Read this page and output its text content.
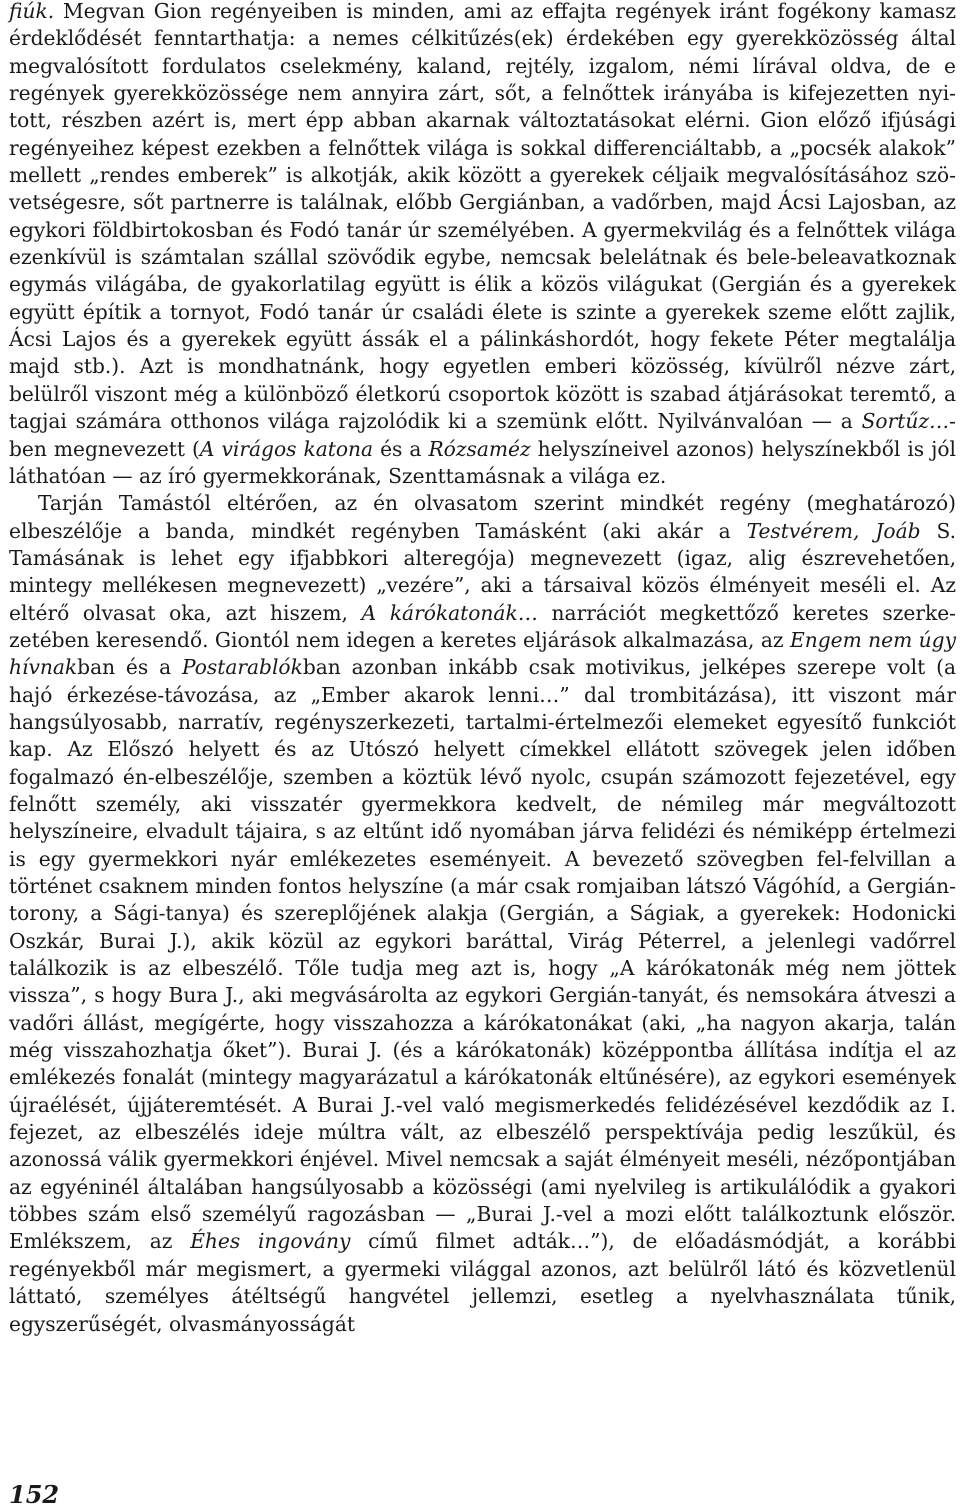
fiúk. Megvan Gion regényeiben is minden, ami az effajta regények iránt fogékony kamasz érdeklődését fenntarthatja: a nemes célkitűzés(ek) érdekében egy gyerekközösség által megvalósított fordulatos cselekmény, kaland, rejtély, izgalom, némi lírával oldva, de e regények gyerekközössége nem annyira zárt, sőt, a felnőttek irányába is kifejezetten nyitott, részben azért is, mert épp abban akarnak változtatásokat elérni. Gion előző ifjúsági regényeihez képest ezekben a felnőttek világa is sokkal differenciáltabb, a „pocsék alakok” mellett „rendes emberek” is alkotják, akik között a gyerekek céljaik megvalósításához szövetségesre, sőt partnerre is találnak, előbb Gergiánban, a vadőrben, majd Ácsi Lajosban, az egykori földbirtokosban és Fodó tanár úr személyében. A gyermekvilág és a felnőttek világa ezenkívül is számtalan szállal szövődik egybe, nemcsak belelátnak és bele-beleavatkoznak egymás világába, de gyakorlatilag együtt is élik a közös világukat (Gergián és a gyerekek együtt építik a tornyot, Fodó tanár úr családi élete is szinte a gyerekek szeme előtt zajlik, Ácsi Lajos és a gyerekek együtt ássák el a pálinkáshordót, hogy fekete Péter megtalálja majd stb.). Azt is mondhatnánk, hogy egyetlen emberi közösség, kívülről nézve zárt, belülről viszont még a különböző életkorú csoportok között is szabad átjárásokat teremtő, a tagjai számára otthonos világa rajzolódik ki a szemünk előtt. Nyilvánvalóan — a Sortűz…-ben megnevezett (A virágos katona és a Rózsaméz helyszíneivel azonos) helyszínekből is jól láthatóan — az író gyermekkorának, Szenttamásnak a világa ez.

Tarján Tamástól eltérően, az én olvasatom szerint mindkét regény (meghatározó) elbeszélője a banda, mindkét regényben Tamásként (aki akár a Testvérem, Joáb S. Tamásának is lehet egy ifjabbkori alteregója) megnevezett (igaz, alig észrevehetően, mintegy mellékesen megnevezett) „vezére”, aki a társaival közös élményeit meséli el. Az eltérő olvasat oka, azt hiszem, A kárókatonák… narrációt megkettőző keretes szerkezetében keresendő. Giontól nem idegen a keretes eljárások alkalmazása, az Engem nem úgy hívnakban és a Postarablókban azonban inkább csak motivikus, jelképes szerepe volt (a hajó érkezése-távozása, az „Ember akarok lenni…” dal trombitázása), itt viszont már hangsúlyosabb, narratív, regényszerkezeti, tartalmi-értelmezői elemeket egyesítő funkciót kap. Az Előszó helyett és az Utószó helyett címekkel ellátott szövegek jelen időben fogalmazó én-elbeszélője, szemben a köztük lévő nyolc, csupán számozott fejezetével, egy felnőtt személy, aki visszatér gyermekkora kedvelt, de némileg már megváltozott helyszíneire, elvadult tájaira, s az eltűnt idő nyomában járva felidézi és némiképp értelmezi is egy gyermekkori nyár emlékezetes eseményeit. A bevezető szövegben fel-felvillan a történet csaknem minden fontos helyszíne (a már csak romjaiban látszó Vágóhíd, a Gergián-torony, a Sági-tanya) és szereplőjének alakja (Gergián, a Ságiak, a gyerekek: Hodonicki Oszkár, Burai J.), akik közül az egykori baráttal, Virág Péterrel, a jelenlegi vadőrrel találkozik is az elbeszélő. Tőle tudja meg azt is, hogy „A kárókatonák még nem jöttek vissza”, s hogy Bura J., aki megvásárolta az egykori Gergián-tanyát, és nemsokára átveszi a vadőri állást, megígérte, hogy visszahozza a kárókatonákat (aki, „ha nagyon akarja, talán még visszahozhatja őket”). Burai J. (és a kárókatonák) középpontba állítása indítja el az emlékezés fonalát (mintegy magyarázatul a kárókatonák eltűnésére), az egykori események újraélését, újjáteremtését. A Burai J.-vel való megismerkedés felidézésével kezdődik az I. fejezet, az elbeszélés ideje múltra vált, az elbeszélő perspektívája pedig leszűkül, és azonossá válik gyermekkori énjével. Mivel nemcsak a saját élményeit meséli, nézőpontjában az egyéninél általában hangsúlyosabb a közösségi (ami nyelvileg is artikulálódik a gyakori többes szám első személyű ragozásban — „Burai J.-vel a mozi előtt találkoztunk először. Emlékszem, az Éhes ingovány című filmet adták…”), de előadásmódját, a korábbi regényekből már megismert, a gyermeki világgal azonos, azt belülről látó és közvetlenül láttató, személyes átéltségű hangvétel jellemzi, esetleg a nyelvhasználata tűnik, egyszerűségét, olvasmányosságát

152
